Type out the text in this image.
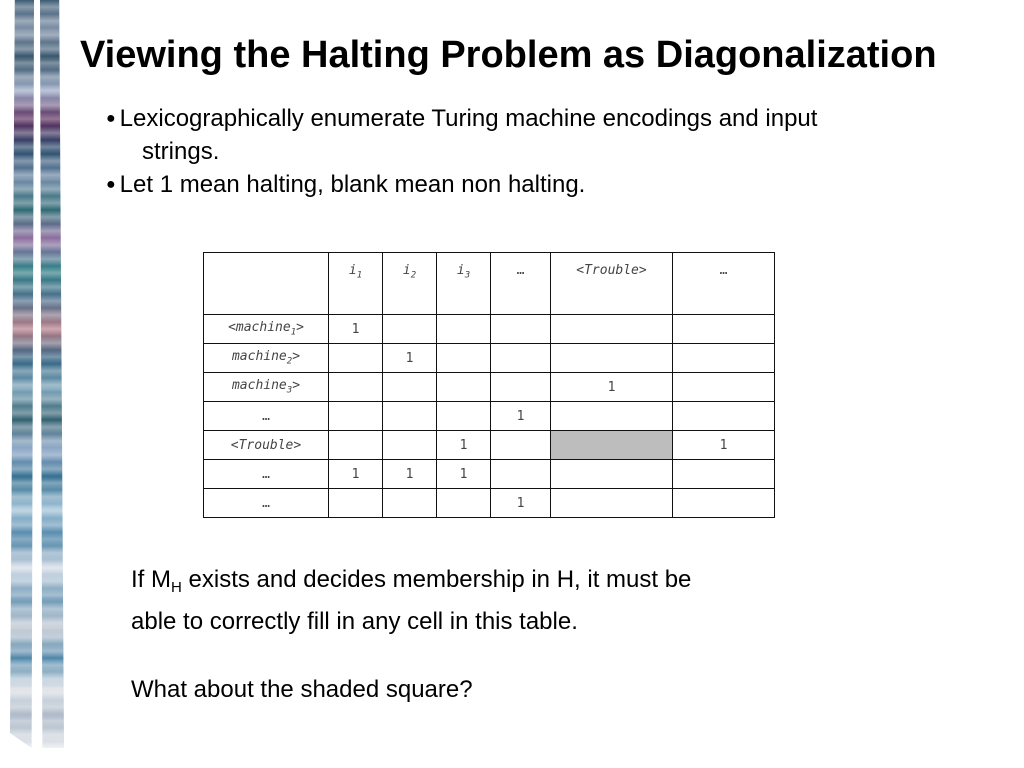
Viewing the Halting Problem as Diagonalization
● Lexicographically enumerate Turing machine encodings and input
strings.
● Let 1 mean halting, blank mean non halting.
	$i_1$	$i_2$	$i_3$	…	<Trouble>	…
<machine$_1$>	1					
machine$_2$>		1				
machine$_3$>					1	
…				1		
<Trouble>			1			1
…	1	1	1			
…				1		

If $M_H$ exists and decides membership in H, it must be

able to correctly fill in any cell in this table.

What about the shaded square?
